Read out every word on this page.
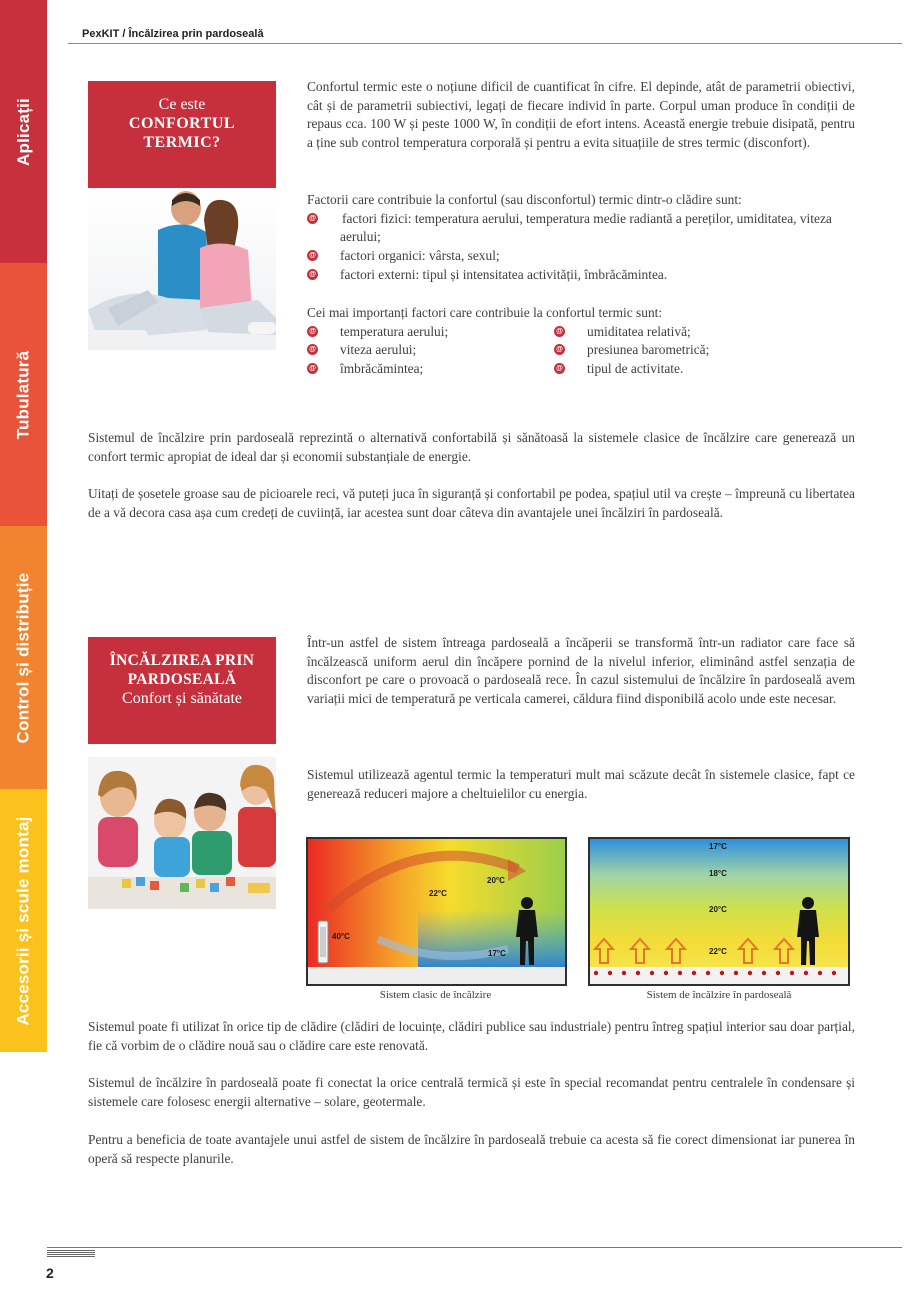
Aplicații
Tubulatură
Control și distribuție
Accesorii și scule montaj
PexKIT / Încălzirea prin pardoseală
Ce este
CONFORTUL
TERMIC?
Confortul termic este o noțiune dificil de cuantificat în cifre. El depinde, atât de parametrii obiectivi, cât și de parametrii subiectivi, legați de fiecare individ în parte. Corpul uman produce în condiții de repaus cca. 100 W și peste 1000 W, în condiții de efort intens. Această energie trebuie disipată, pentru a ține sub control temperatura corporală și pentru a evita situațiile de stres termic (disconfort).
Factorii care contribuie la confortul (sau disconfortul) termic dintr-o clădire sunt:
@ factori fizici: temperatura aerului, temperatura medie radiantă a pereților, umiditatea, viteza aerului;
@ factori organici: vârsta, sexul;
@ factori externi: tipul și intensitatea activității, îmbrăcămintea.
Cei mai importanți factori care contribuie la confortul termic sunt:
@ temperatura aerului;
@ viteza aerului;
@ îmbrăcămintea;
@ umiditatea relativă;
@ presiunea barometrică;
@ tipul de activitate.
Sistemul de încălzire prin pardoseală reprezintă o alternativă confortabilă și sănătoasă la sistemele clasice de încălzire care generează un confort termic apropiat de ideal dar și economii substanțiale de energie.
Uitați de șosetele groase sau de picioarele reci, vă puteți juca în siguranță și confortabil pe podea, spațiul util va crește – împreună cu libertatea de a vă decora casa așa cum credeți de cuviință, iar acestea sunt doar câteva din avantajele unei încălziri în pardoseală.
ÎNCĂLZIREA PRIN
PARDOSEALĂ
Confort și sănătate
Într-un astfel de sistem întreaga pardoseală a încăperii se transformă într-un radiator care face să încălzească uniform aerul din încăpere pornind de la nivelul inferior, eliminând astfel senzația de disconfort pe care o provoacă o pardoseală rece. În cazul sistemului de încălzire în pardoseală avem variații mici de temperatură pe verticala camerei, căldura fiind disponibilă acolo unde este necesar.
Sistemul utilizează agentul termic la temperaturi mult mai scăzute decât în sistemele clasice, fapt ce generează reduceri majore a cheltuielilor cu energia.
20°C
22°C
40°C
17°C
Sistem clasic de încălzire
17°C
18°C
20°C
22°C
Sistem de încălzire în pardoseală
Sistemul poate fi utilizat în orice tip de clădire (clădiri de locuințe, clădiri publice sau industriale) pentru întreg spațiul interior sau doar parțial, fie că vorbim de o clădire nouă sau o clădire care este renovată.
Sistemul de încălzire în pardoseală poate fi conectat la orice centrală termică și este în special recomandat pentru centralele în condensare și sistemele care folosesc energii alternative – solare, geotermale.
Pentru a beneficia de toate avantajele unui astfel de sistem de încălzire în pardoseală trebuie ca acesta să fie corect dimensionat iar punerea în operă să respecte planurile.
2
